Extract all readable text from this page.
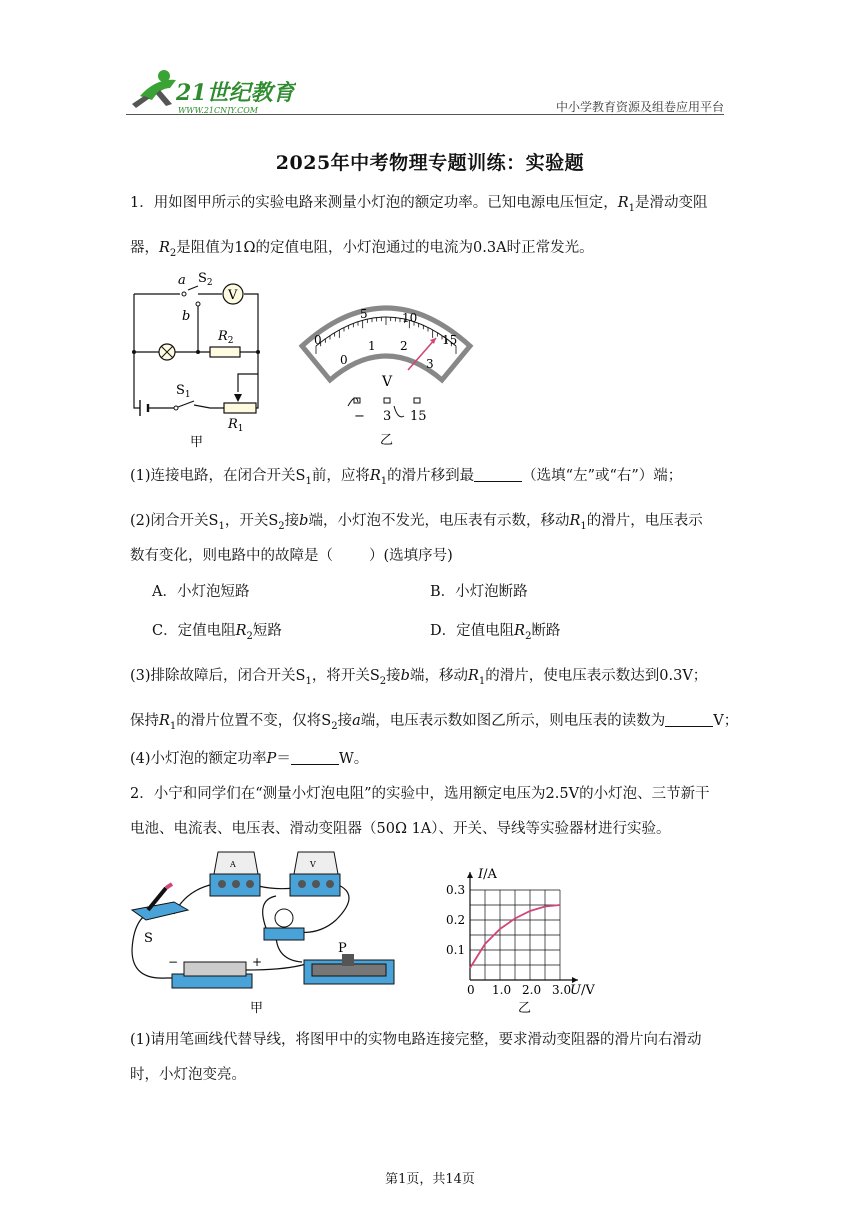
21世纪教育
WWW.21CNJY.COM	中小学教育资源及组卷应用平台
2025年中考物理专题训练：实验题
1．用如图甲所示的实验电路来测量小灯泡的额定功率。已知电源电压恒定，$R_1$是滑动变阻
器，$R_2$是阻值为1Ω的定值电阻，小灯泡通过的电流为0.3A时正常发光。
V
a
b
$S_2$
$R_2$
$S_1$
$R_1$
甲
0
5	10
15
0
1 2
3
V
− 3 15
乙
(1)连接电路，在闭合开关$S_1$前，应将$R_1$的滑片移到最	（选填“左”或“右”）端；
(2)闭合开关$S_1$，开关$S_2$接b端，小灯泡不发光，电压表有示数，移动$R_1$的滑片，电压表示
数有变化，则电路中的故障是（ ）(选填序号)
A．小灯泡短路	B．小灯泡断路
C．定值电阻$R_2$短路	D．定值电阻$R_2$断路
(3)排除故障后，闭合开关$S_1$，将开关$S_2$接b端，移动$R_1$的滑片，使电压表示数达到0.3V；
保持$R_1$的滑片位置不变，仅将$S_2$接a端，电压表示数如图乙所示，则电压表的读数为	V；
(4)小灯泡的额定功率P＝	W。
2．小宁和同学们在“测量小灯泡电阻”的实验中，选用额定电压为2.5V的小灯泡、三节新干
电池、电流表、电压表、滑动变阻器（50Ω 1A）、开关、导线等实验器材进行实验。
S
A	V
−	+
P
甲
0 1.0 2.0 3.0
0.1
0.2
0.3
I/A
U/V
乙
(1)请用笔画线代替导线，将图甲中的实物电路连接完整，要求滑动变阻器的滑片向右滑动
时，小灯泡变亮。
第1页，共14页
